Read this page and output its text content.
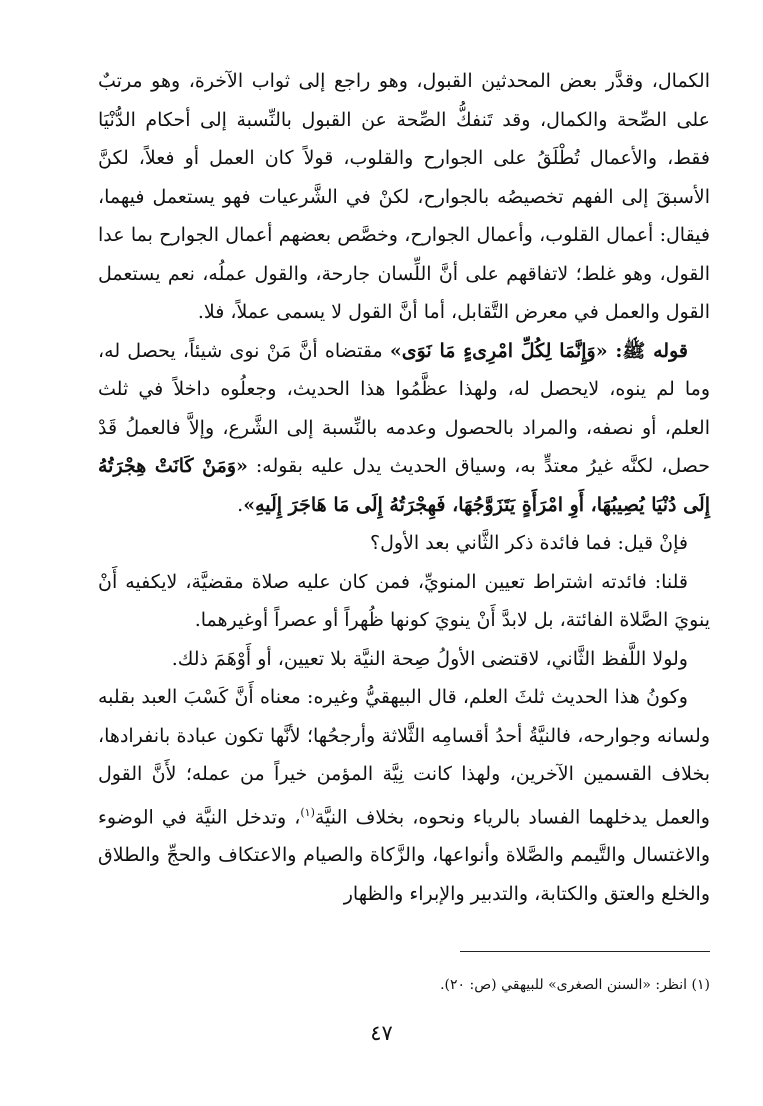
الكمال، وقدَّر بعض المحدثين القبول، وهو راجع إلى ثواب الآخرة، وهو مرتبٌ على الصِّحة والكمال، وقد تَنفكُّ الصِّحة عن القبول بالنِّسبة إلى أحكام الدُّنْيَا فقط، والأعمال تُطْلَقُ على الجوارح والقلوب، قولاً كان العمل أو فعلاً، لكنَّ الأسبقَ إلى الفهم تخصيصُه بالجوارح، لكنْ في الشَّرعيات فهو يستعمل فيهما، فيقال: أعمال القلوب، وأعمال الجوارح، وخصَّص بعضهم أعمال الجوارح بما عدا القول، وهو غلط؛ لاتفاقهم على أنَّ اللِّسان جارحة، والقول عملُه، نعم يستعمل القول والعمل في معرض التَّقابل، أما أنَّ القول لا يسمى عملاً، فلا.

قوله ﷺ: «وَإِنَّمَا لِكُلِّ امْرِىءٍ مَا نَوَى» مقتضاه أنَّ مَنْ نوى شيئاً، يحصل له، وما لم ينوه، لايحصل له، ولهذا عظَّمُوا هذا الحديث، وجعلُوه داخلاً في ثلث العلم، أو نصفه، والمراد بالحصول وعدمه بالنِّسبة إلى الشَّرع، وإلاَّ فالعملُ قَدْ حصل، لكنَّه غيرُ معتدٍّ به، وسياق الحديث يدل عليه بقوله: «وَمَنْ كَانَتْ هِجْرَتُهُ إِلَى دُنْيَا يُصِيبُهَا، أَوِ امْرَأَةٍ يَتَزَوَّجُهَا، فَهِجْرَتُهُ إِلَى مَا هَاجَرَ إِلَيهِ».

فإنْ قيل: فما فائدة ذكر الثَّاني بعد الأول؟

قلنا: فائدته اشتراط تعيين المنويِّ، فمن كان عليه صلاة مقضيَّة، لايكفيه أَنْ ينويَ الصَّلاة الفائتة، بل لابدَّ أَنْ ينويَ كونها ظُهراً أو عصراً أوغيرهما.

ولولا اللَّفظ الثَّاني، لاقتضى الأولُ صِحة النيَّة بلا تعيين، أو أَوْهَمَ ذلك.

وكونُ هذا الحديث ثلثَ العلم، قال البيهقيُّ وغيره: معناه أَنَّ كَسْبَ العبد بقلبه ولسانه وجوارحه، فالنيَّةُ أحدُ أقسامِه الثَّلاثة وأرجحُها؛ لأنَّها تكون عبادة بانفرادها، بخلاف القسمين الآخرين، ولهذا كانت نِيَّة المؤمن خيراً من عمله؛ لأَنَّ القول والعمل يدخلهما الفساد بالرياء ونحوه، بخلاف النيَّة$^{(١)}$، وتدخل النيَّة في الوضوء والاغتسال والتَّيمم والصَّلاة وأنواعها، والزَّكاة والصيام والاعتكاف والحجِّ والطلاق والخلع والعتق والكتابة، والتدبير والإبراء والظهار

(١) انظر: «السنن الصغرى» للبيهقي (ص: ٢٠).
٤٧
